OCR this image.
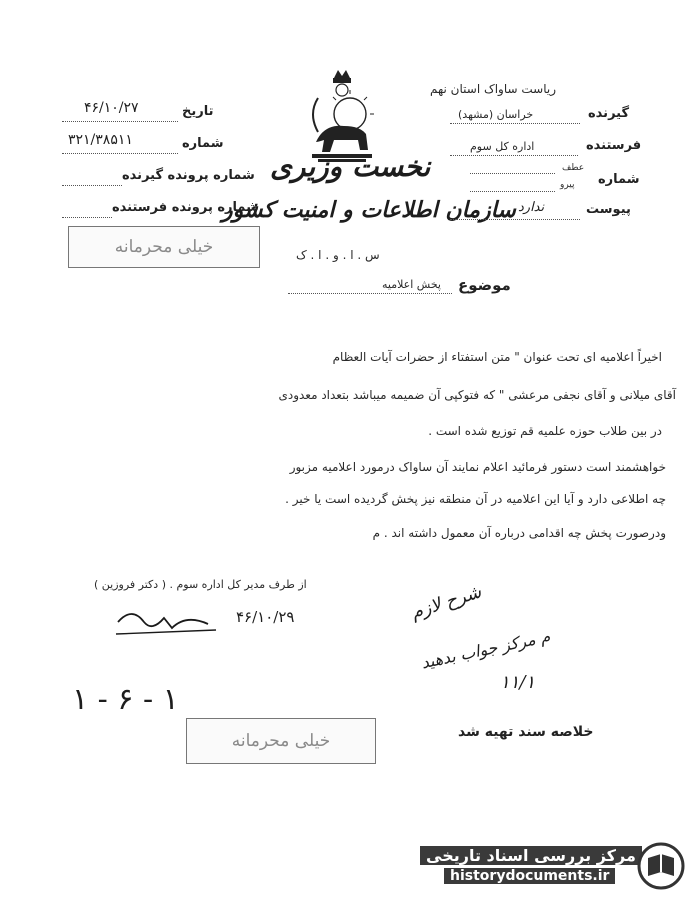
نخست وزیری
سازمان اطلاعات و امنیت کشور
س . ا . و . ا . ک
ریاست ساواک استان نهم
گیرنده
خراسان (مشهد)
فرستنده
اداره کل سوم
شماره
عطف
پیرو
پیوست
ندارد
تاریخ
۴۶/۱۰/۲۷
شماره
۳۲۱/۳۸۵۱۱
شماره پرونده گیرنده
شماره پرونده فرستنده
خیلی محرمانه
موضوع
پخش اعلامیه
اخیراً اعلامیه ای تحت عنوان " متن استفتاء از حضرات آیات العظام
آقای میلانی و آقای نجفی مرعشی " که فتوکپی آن ضمیمه میباشد بتعداد معدودی
در بین طلاب حوزه علمیه قم توزیع شده است .
خواهشمند است دستور فرمائید اعلام نمایند آن ساواک درمورد اعلامیه مزبور
چه اطلاعی دارد و آیا این اعلامیه در آن منطقه نیز پخش گردیده است یا خیر .
ودرصورت پخش چه اقدامی درباره آن معمول داشته اند . م
از طرف مدیر کل اداره سوم . ( دکتر فروزین )
۴۶/۱۰/۲۹	شرح لازم
م مرکز جواب بدهید
۱۱/۱
۱ - ۶ - ۱
خلاصه سند تهیه شد
خیلی محرمانه
مرکز بررسی اسناد تاریخی
historydocuments.ir
